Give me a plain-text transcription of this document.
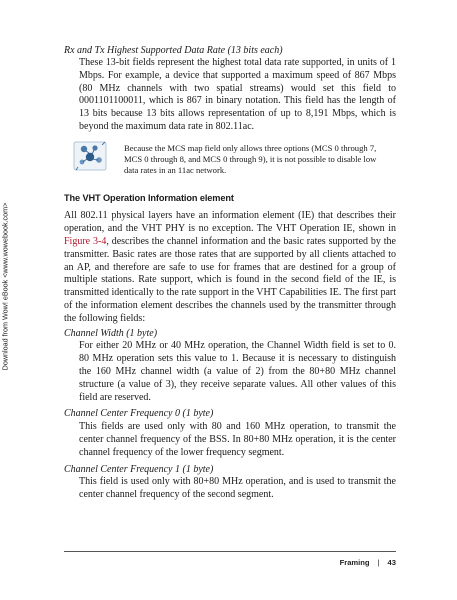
Download from Wow! eBook <www.wowebook.com>

Rx and Tx Highest Supported Data Rate (13 bits each)

These 13-bit fields represent the highest total data rate supported, in units of 1 Mbps. For example, a device that supported a maximum speed of 867 Mbps (80 MHz channels with two spatial streams) would set this field to 0001101100011, which is 867 in binary notation. This field has the length of 13 bits because 13 bits allows representation of up to 8,191 Mbps, which is beyond the maximum data rate in 802.11ac.

Because the MCS map field only allows three options (MCS 0 through 7, MCS 0 through 8, and MCS 0 through 9), it is not possible to disable low data rates in an 11ac network.
The VHT Operation Information element

All 802.11 physical layers have an information element (IE) that describes their operation, and the VHT PHY is no exception. The VHT Operation IE, shown in Figure 3-4, describes the channel information and the basic rates supported by the transmitter. Basic rates are those rates that are supported by all clients attached to an AP, and therefore are safe to use for frames that are destined for a group of multiple stations. Rate support, which is found in the second field of the IE, is transmitted identically to the rate support in the VHT Capabilities IE. The first part of the information element describes the channels used by the transmitter through the following fields:

Channel Width (1 byte)

For either 20 MHz or 40 MHz operation, the Channel Width field is set to 0. 80 MHz operation sets this value to 1. Because it is necessary to distinguish the 160 MHz channel width (a value of 2) from the 80+80 MHz channel structure (a value of 3), they receive separate values. All other values of this field are reserved.

Channel Center Frequency 0 (1 byte)

This fields are used only with 80 and 160 MHz operation, to transmit the center channel frequency of the BSS. In 80+80 MHz operation, it is the center channel frequency of the lower frequency segment.

Channel Center Frequency 1 (1 byte)

This field is used only with 80+80 MHz operation, and is used to transmit the center channel frequency of the second segment.

Framing | 43
